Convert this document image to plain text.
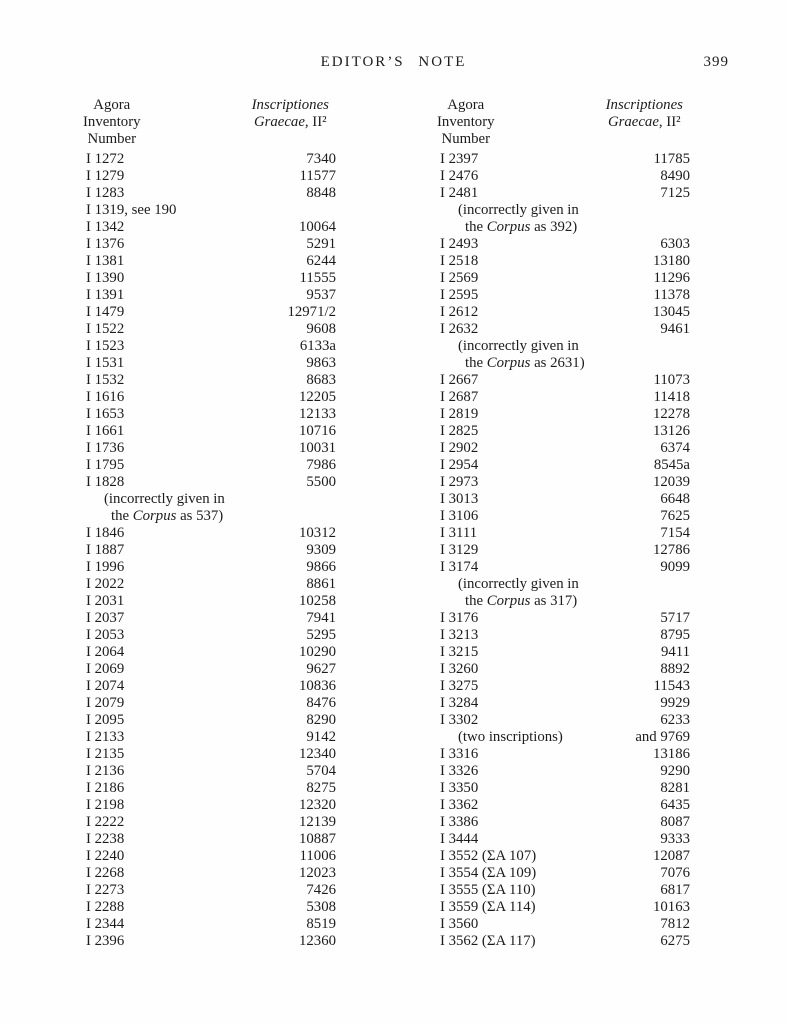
EDITOR’S NOTE	399
Agora
Inventory
Number
Inscriptiones
Graecae, II²
I 1272	7340
I 1279	11577
I 1283	8848
I 1319, see 190
I 1342	10064
I 1376	5291
I 1381	6244
I 1390	11555
I 1391	9537
I 1479	12971/2
I 1522	9608
I 1523	6133a
I 1531	9863
I 1532	8683
I 1616	12205
I 1653	12133
I 1661	10716
I 1736	10031
I 1795	7986
I 1828	5500
(incorrectly given in
the Corpus as 537)
I 1846	10312
I 1887	9309
I 1996	9866
I 2022	8861
I 2031	10258
I 2037	7941
I 2053	5295
I 2064	10290
I 2069	9627
I 2074	10836
I 2079	8476
I 2095	8290
I 2133	9142
I 2135	12340
I 2136	5704
I 2186	8275
I 2198	12320
I 2222	12139
I 2238	10887
I 2240	11006
I 2268	12023
I 2273	7426
I 2288	5308
I 2344	8519
I 2396	12360
Agora
Inventory
Number
Inscriptiones
Graecae, II²
I 2397	11785
I 2476	8490
I 2481	7125
(incorrectly given in
the Corpus as 392)
I 2493	6303
I 2518	13180
I 2569	11296
I 2595	11378
I 2612	13045
I 2632	9461
(incorrectly given in
the Corpus as 2631)
I 2667	11073
I 2687	11418
I 2819	12278
I 2825	13126
I 2902	6374
I 2954	8545a
I 2973	12039
I 3013	6648
I 3106	7625
I 3111	7154
I 3129	12786
I 3174	9099
(incorrectly given in
the Corpus as 317)
I 3176	5717
I 3213	8795
I 3215	9411
I 3260	8892
I 3275	11543
I 3284	9929
I 3302	6233
(two inscriptions)	and 9769
I 3316	13186
I 3326	9290
I 3350	8281
I 3362	6435
I 3386	8087
I 3444	9333
I 3552 (ΣΑ 107)	12087
I 3554 (ΣΑ 109)	7076
I 3555 (ΣΑ 110)	6817
I 3559 (ΣΑ 114)	10163
I 3560	7812
I 3562 (ΣΑ 117)	6275
